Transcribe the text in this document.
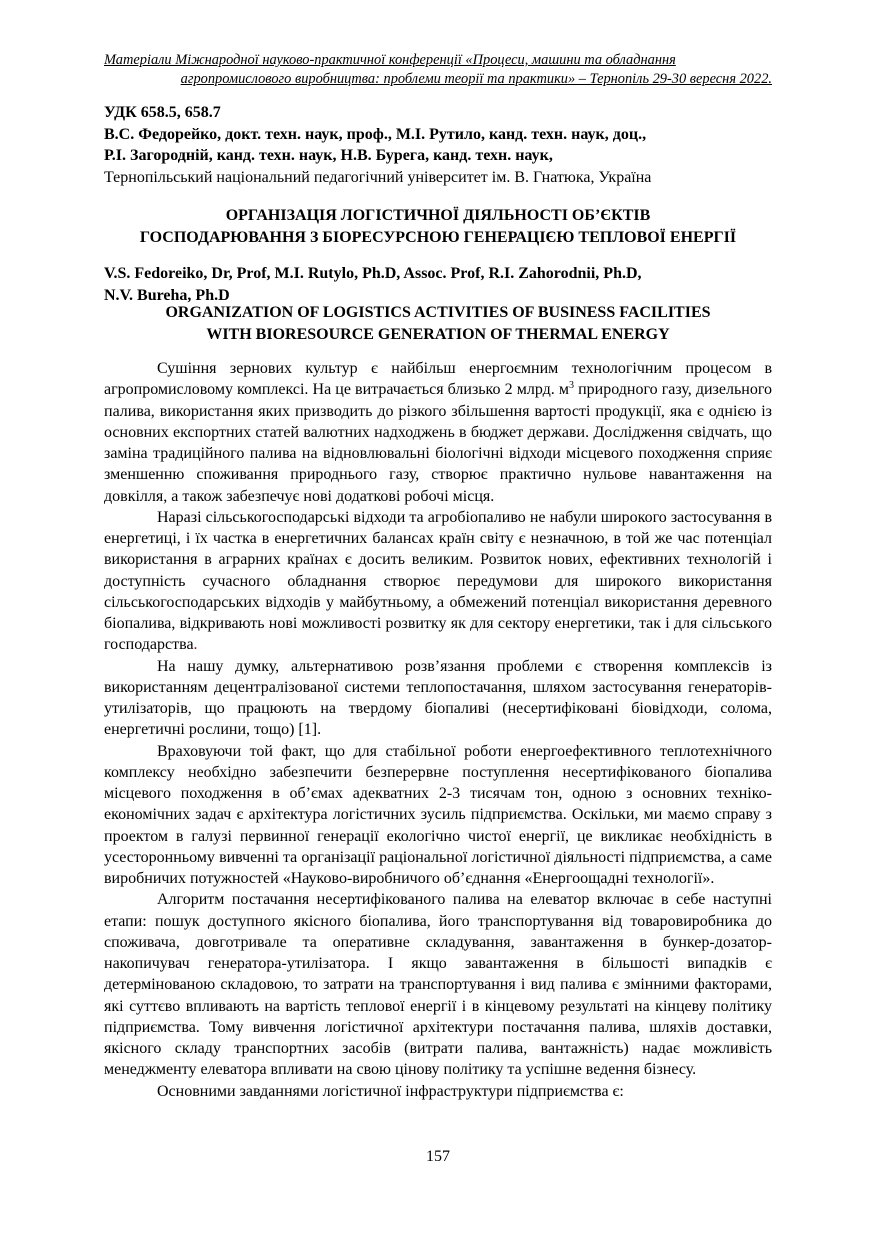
Матеріали Міжнародної науково-практичної конференції «Процеси, машини та обладнання
агропромислового виробництва: проблеми теорії та практики» – Тернопіль 29-30 вересня 2022.
УДК 658.5, 658.7
В.С. Федорейко, докт. техн. наук, проф., М.І. Рутило, канд. техн. наук, доц.,
Р.І. Загородній, канд. техн. наук, Н.В. Бурега, канд. техн. наук,
Тернопільський національний педагогічний університет ім. В. Гнатюка, Україна
ОРГАНІЗАЦІЯ ЛОГІСТИЧНОЇ ДІЯЛЬНОСТІ ОБ’ЄКТІВ
ГОСПОДАРЮВАННЯ З БІОРЕСУРСНОЮ ГЕНЕРАЦІЄЮ ТЕПЛОВОЇ ЕНЕРГІЇ
V.S. Fedoreiko, Dr, Prof, M.I. Rutylo, Ph.D, Assoc. Prof, R.I. Zahorodnii, Ph.D,
N.V. Bureha, Ph.D
ORGANIZATION OF LOGISTICS ACTIVITIES OF BUSINESS FACILITIES
WITH BIORESOURCE GENERATION OF THERMAL ENERGY

Сушіння зернових культур є найбільш енергоємним технологічним процесом в агропромисловому комплексі. На це витрачається близько 2 млрд. $м^3$ природного газу, дизельного палива, використання яких призводить до різкого збільшення вартості продукції, яка є однією із основних експортних статей валютних надходжень в бюджет держави. Дослідження свідчать, що заміна традиційного палива на відновлювальні біологічні відходи місцевого походження сприяє зменшенню споживання природнього газу, створює практично нульове навантаження на довкілля, а також забезпечує нові додаткові робочі місця.

Наразі сільськогосподарські відходи та агробіопаливо не набули широкого застосування в енергетиці, і їх частка в енергетичних балансах країн світу є незначною, в той же час потенціал використання в аграрних країнах є досить великим. Розвиток нових, ефективних технологій і доступність сучасного обладнання створює передумови для широкого використання сільськогосподарських відходів у майбутньому, а обмежений потенціал використання деревного біопалива, відкривають нові можливості розвитку як для сектору енергетики, так і для сільського господарства.

На нашу думку, альтернативою розв’язання проблеми є створення комплексів із використанням децентралізованої системи теплопостачання, шляхом застосування генераторів-утилізаторів, що працюють на твердому біопаливі (несертифіковані біовідходи, солома, енергетичні рослини, тощо) [1].

Враховуючи той факт, що для стабільної роботи енергоефективного теплотехнічного комплексу необхідно забезпечити безперервне поступлення несертифікованого біопалива місцевого походження в об’ємах адекватних 2-3 тисячам тон, одною з основних техніко-економічних задач є архітектура логістичних зусиль підприємства. Оскільки, ми маємо справу з проектом в галузі первинної генерації екологічно чистої енергії, це викликає необхідність в усесторонньому вивченні та організації раціональної логістичної діяльності підприємства, а саме виробничих потужностей «Науково-виробничого об’єднання «Енергоощадні технології».

Алгоритм постачання несертифікованого палива на елеватор включає в себе наступні етапи: пошук доступного якісного біопалива, його транспортування від товаровиробника до споживача, довготривале та оперативне складування, завантаження в бункер-дозатор-накопичувач генератора-утилізатора. І якщо завантаження в більшості випадків є детермінованою складовою, то затрати на транспортування і вид палива є змінними факторами, які суттєво впливають на вартість теплової енергії і в кінцевому результаті на кінцеву політику підприємства. Тому вивчення логістичної архітектури постачання палива, шляхів доставки, якісного складу транспортних засобів (витрати палива, вантажність) надає можливість менеджменту елеватора впливати на свою цінову політику та успішне ведення бізнесу.

Основними завданнями логістичної інфраструктури підприємства є:

157
